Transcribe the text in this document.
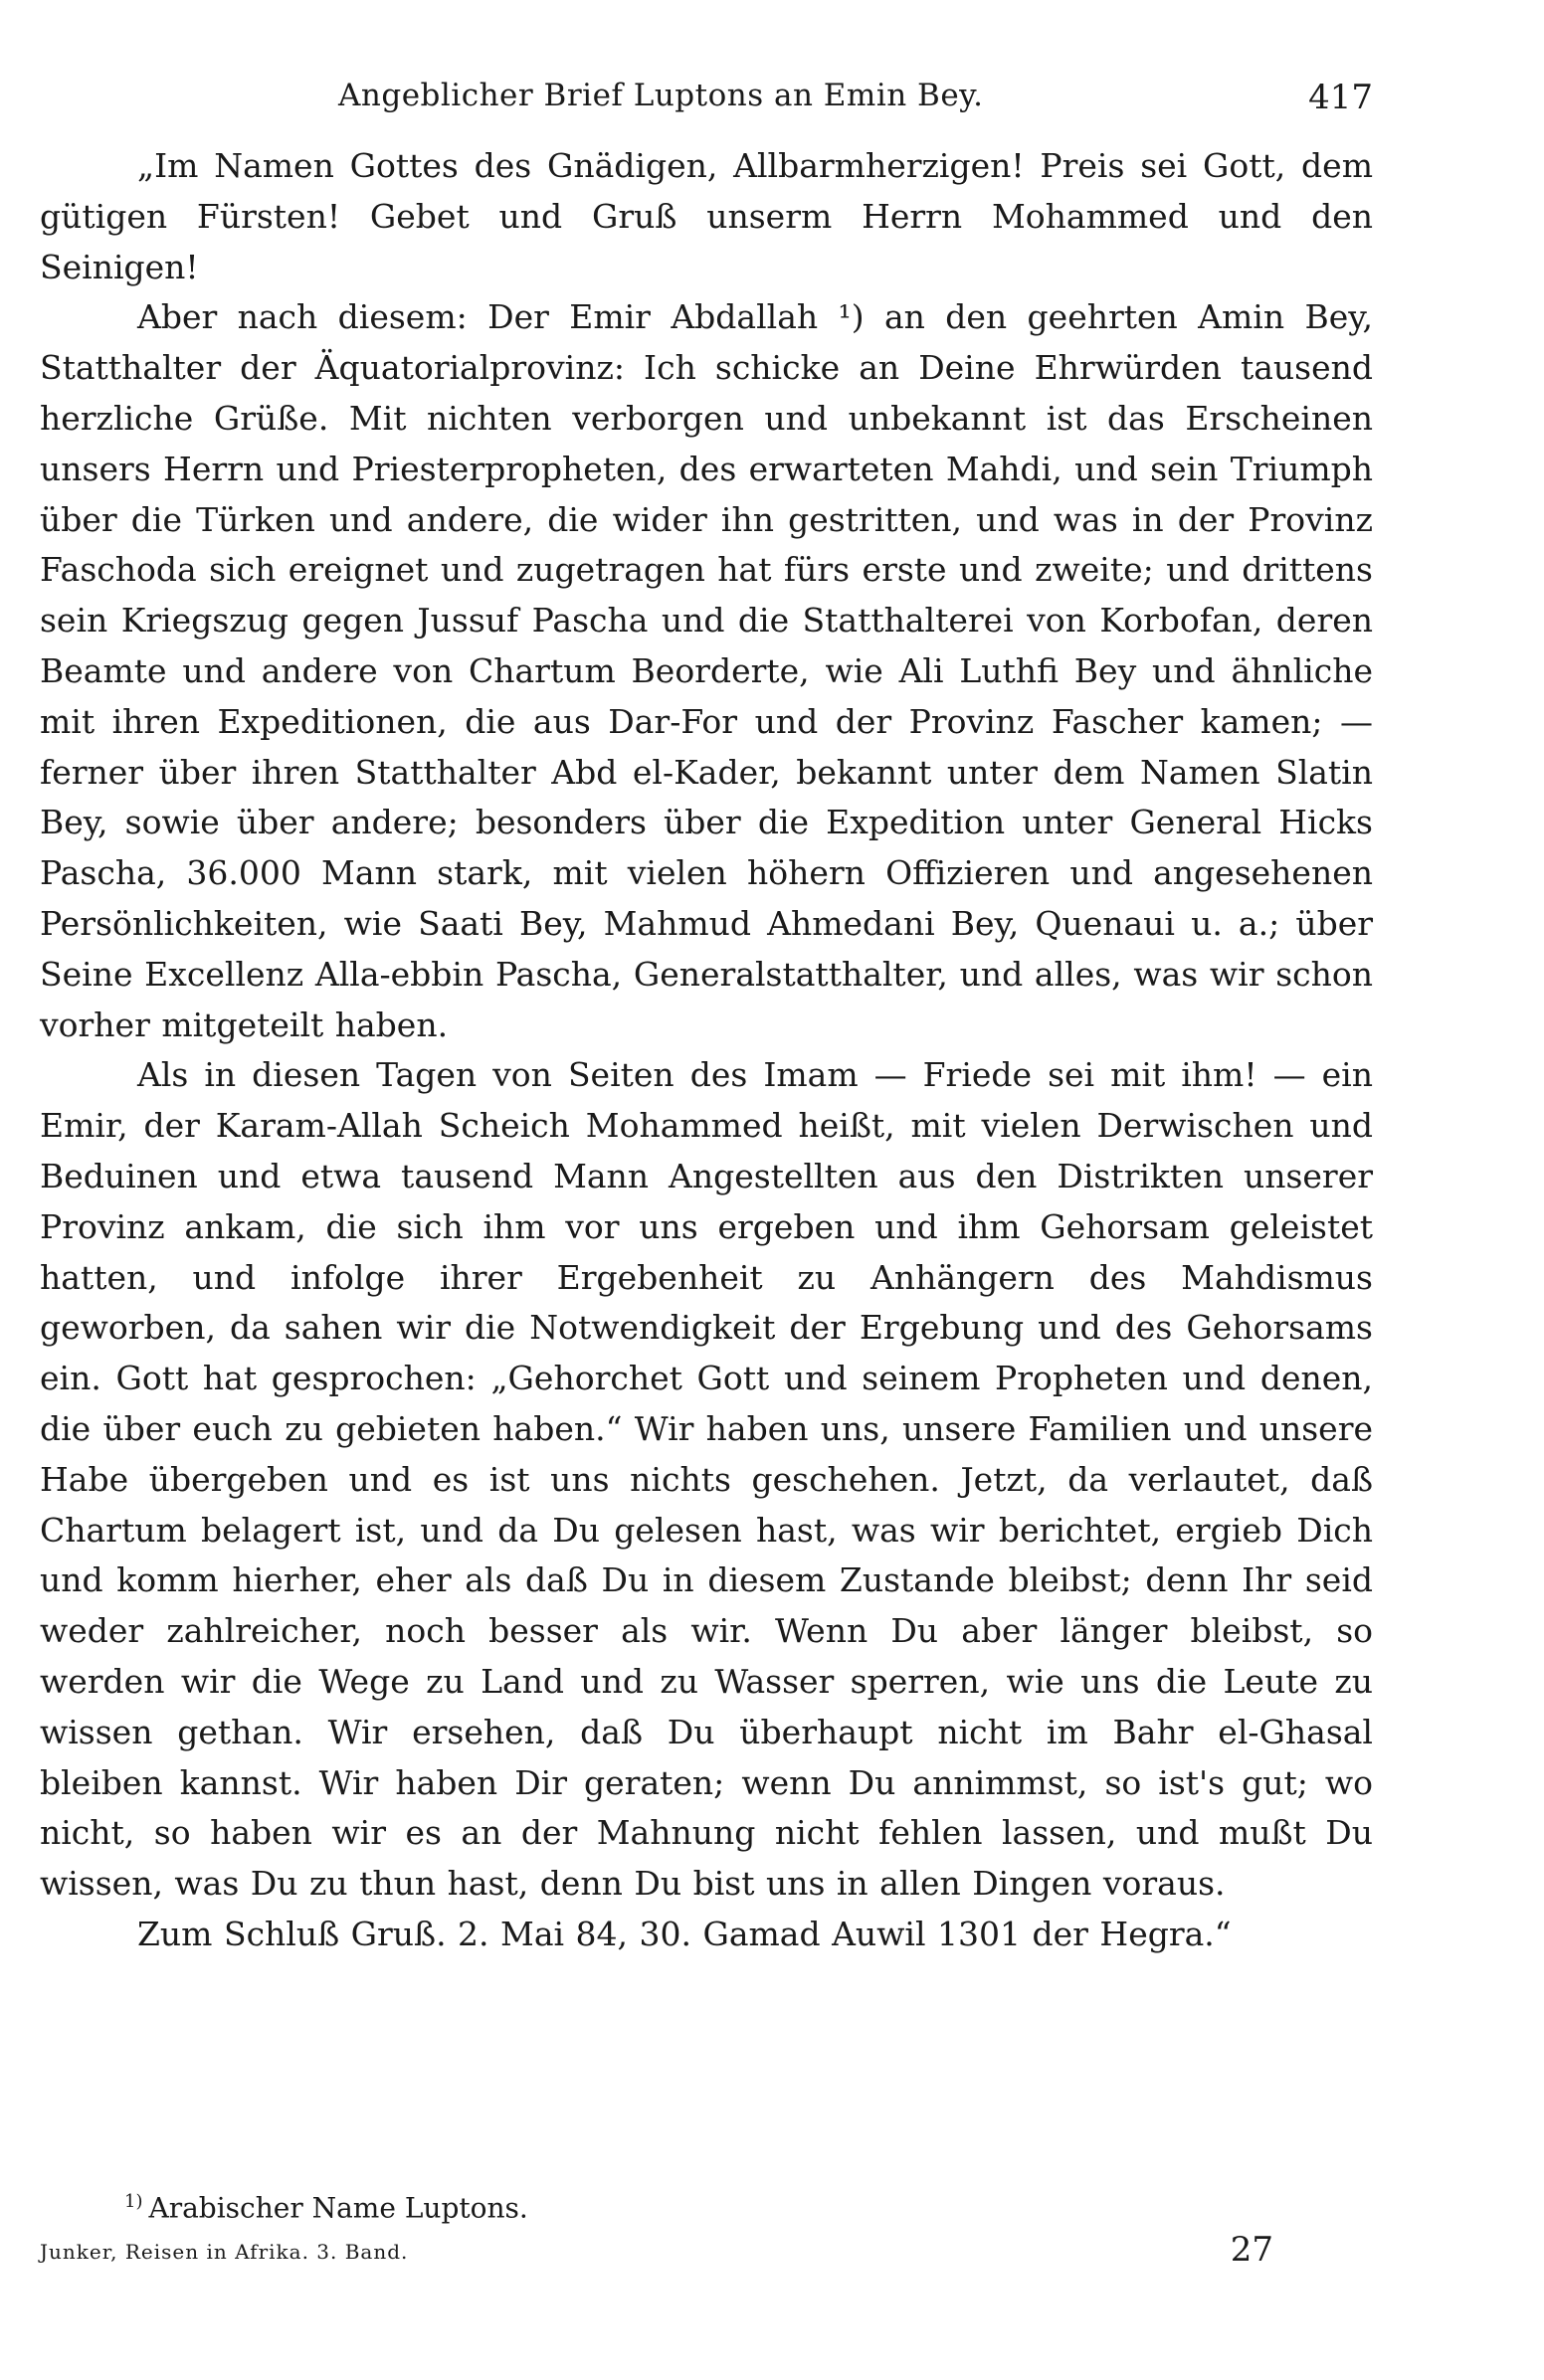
Angeblicher Brief Luptons an Emin Bey.	417

„Im Namen Gottes des Gnädigen, Allbarmherzigen! Preis sei Gott, dem gütigen Fürsten! Gebet und Gruß unserm Herrn Mohammed und den Seinigen!

Aber nach diesem: Der Emir Abdallah ¹) an den geehrten Amin Bey, Statthalter der Äquatorialprovinz: Ich schicke an Deine Ehrwürden tausend herzliche Grüße. Mit nichten verborgen und unbekannt ist das Erscheinen unsers Herrn und Priesterpropheten, des erwarteten Mahdi, und sein Triumph über die Türken und andere, die wider ihn gestritten, und was in der Provinz Faschoda sich ereignet und zugetragen hat fürs erste und zweite; und drittens sein Kriegszug gegen Jussuf Pascha und die Statthalterei von Korbofan, deren Beamte und andere von Chartum Beorderte, wie Ali Luthfi Bey und ähnliche mit ihren Expeditionen, die aus Dar-For und der Provinz Fascher kamen; — ferner über ihren Statthalter Abd el-Kader, bekannt unter dem Namen Slatin Bey, sowie über andere; besonders über die Expedition unter General Hicks Pascha, 36.000 Mann stark, mit vielen höhern Offizieren und angesehenen Persönlichkeiten, wie Saati Bey, Mahmud Ahmedani Bey, Quenaui u. a.; über Seine Excellenz Alla-ebbin Pascha, Generalstatthalter, und alles, was wir schon vorher mitgeteilt haben.

Als in diesen Tagen von Seiten des Imam — Friede sei mit ihm! — ein Emir, der Karam-Allah Scheich Mohammed heißt, mit vielen Derwischen und Beduinen und etwa tausend Mann Angestellten aus den Distrikten unserer Provinz ankam, die sich ihm vor uns ergeben und ihm Gehorsam geleistet hatten, und infolge ihrer Ergebenheit zu Anhängern des Mahdismus geworben, da sahen wir die Notwendigkeit der Ergebung und des Gehorsams ein. Gott hat gesprochen: „Gehorchet Gott und seinem Propheten und denen, die über euch zu gebieten haben.“ Wir haben uns, unsere Familien und unsere Habe übergeben und es ist uns nichts geschehen. Jetzt, da verlautet, daß Chartum belagert ist, und da Du gelesen hast, was wir berichtet, ergieb Dich und komm hierher, eher als daß Du in diesem Zustande bleibst; denn Ihr seid weder zahlreicher, noch besser als wir. Wenn Du aber länger bleibst, so werden wir die Wege zu Land und zu Wasser sperren, wie uns die Leute zu wissen gethan. Wir ersehen, daß Du überhaupt nicht im Bahr el-Ghasal bleiben kannst. Wir haben Dir geraten; wenn Du annimmst, so ist's gut; wo nicht, so haben wir es an der Mahnung nicht fehlen lassen, und mußt Du wissen, was Du zu thun hast, denn Du bist uns in allen Dingen voraus.

Zum Schluß Gruß. 2. Mai 84, 30. Gamad Auwil 1301 der Hegra.“

$^{1)}$ Arabischer Name Luptons.
Junker, Reisen in Afrika. 3. Band.	27
